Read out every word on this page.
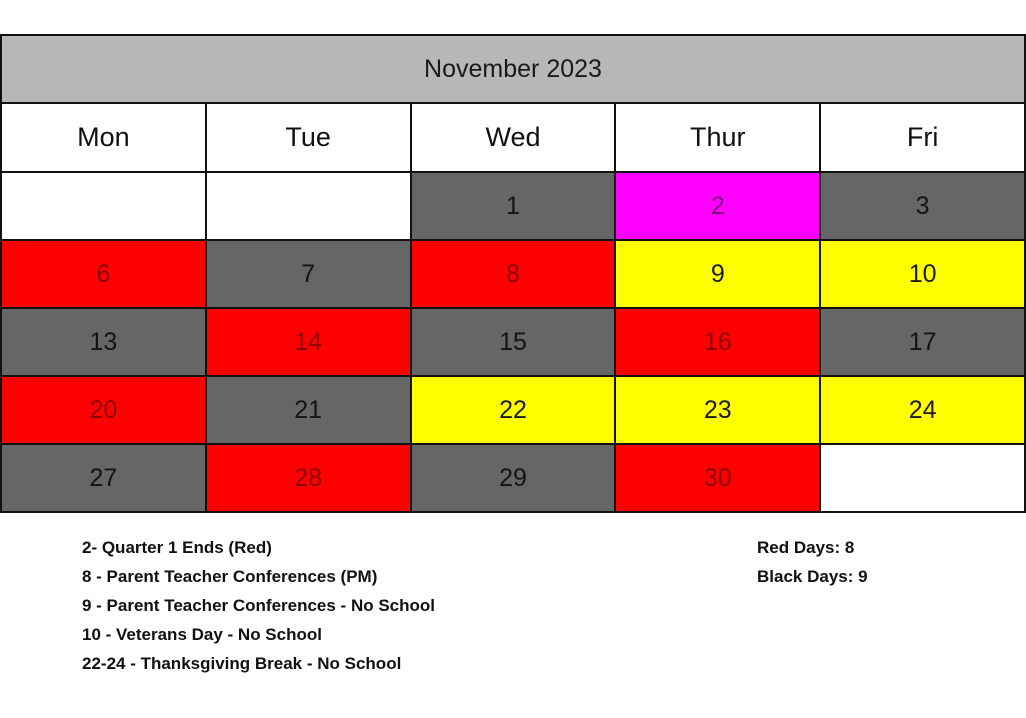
November 2023				
Mon	Tue	Wed	Thur	Fri
		1	2	3
6	7	8	9	10
13	14	15	16	17
20	21	22	23	24
27	28	29	30	
2- Quarter 1 Ends (Red)
8 - Parent Teacher Conferences (PM)
9 - Parent Teacher Conferences - No School
10 - Veterans Day - No School
22-24 - Thanksgiving Break - No School
Red Days: 8
Black Days: 9
